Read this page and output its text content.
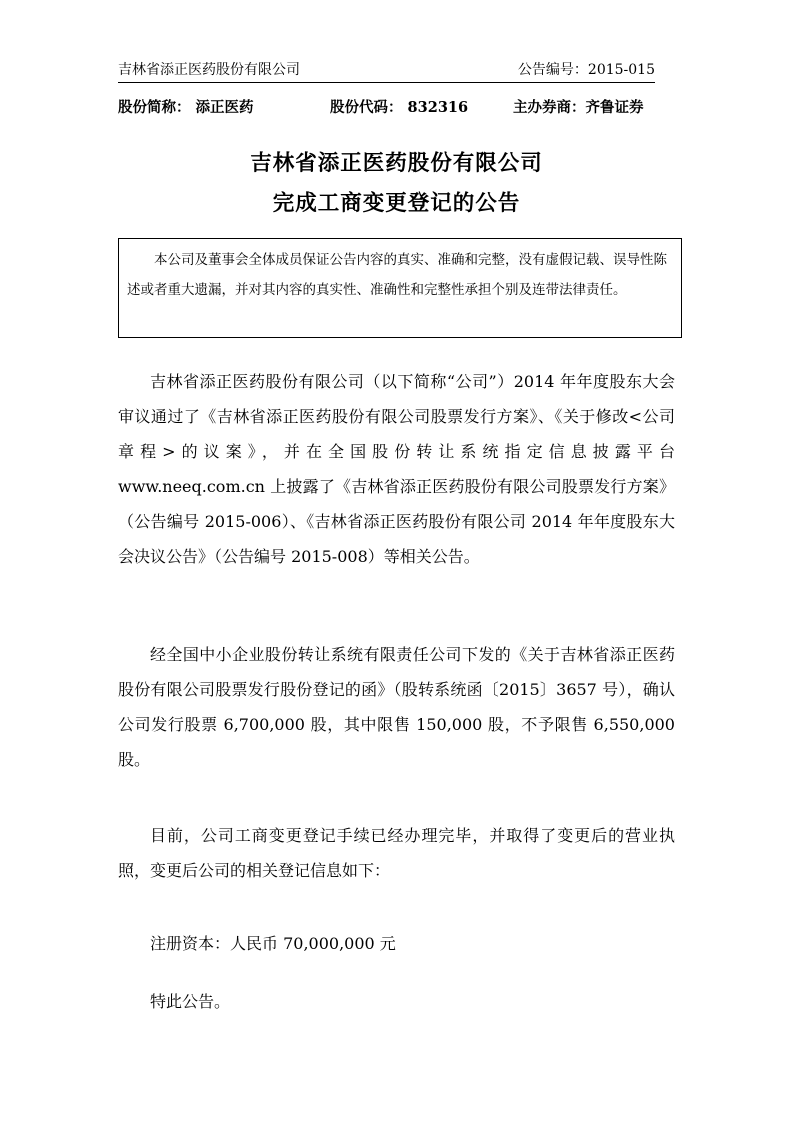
吉林省添正医药股份有限公司	公告编号：2015-015
股份简称： 添正医药	股份代码： 832316	主办券商：齐鲁证券
吉林省添正医药股份有限公司
完成工商变更登记的公告

本公司及董事会全体成员保证公告内容的真实、准确和完整，没有虚假记载、误导性陈述或者重大遗漏，并对其内容的真实性、准确性和完整性承担个别及连带法律责任。

吉林省添正医药股份有限公司（以下简称“公司”）2014 年年度股东大会审议通过了《吉林省添正医药股份有限公司股票发行方案》、《关于修改<公司章程>的议案》，并在全国股份转让系统指定信息披露平台 www.neeq.com.cn 上披露了《吉林省添正医药股份有限公司股票发行方案》（公告编号 2015-006）、《吉林省添正医药股份有限公司 2014 年年度股东大会决议公告》（公告编号 2015-008）等相关公告。

经全国中小企业股份转让系统有限责任公司下发的《关于吉林省添正医药股份有限公司股票发行股份登记的函》（股转系统函〔2015〕3657 号），确认公司发行股票 6,700,000 股，其中限售 150,000 股，不予限售 6,550,000 股。

目前，公司工商变更登记手续已经办理完毕，并取得了变更后的营业执照，变更后公司的相关登记信息如下：

注册资本：人民币 70,000,000 元

特此公告。
